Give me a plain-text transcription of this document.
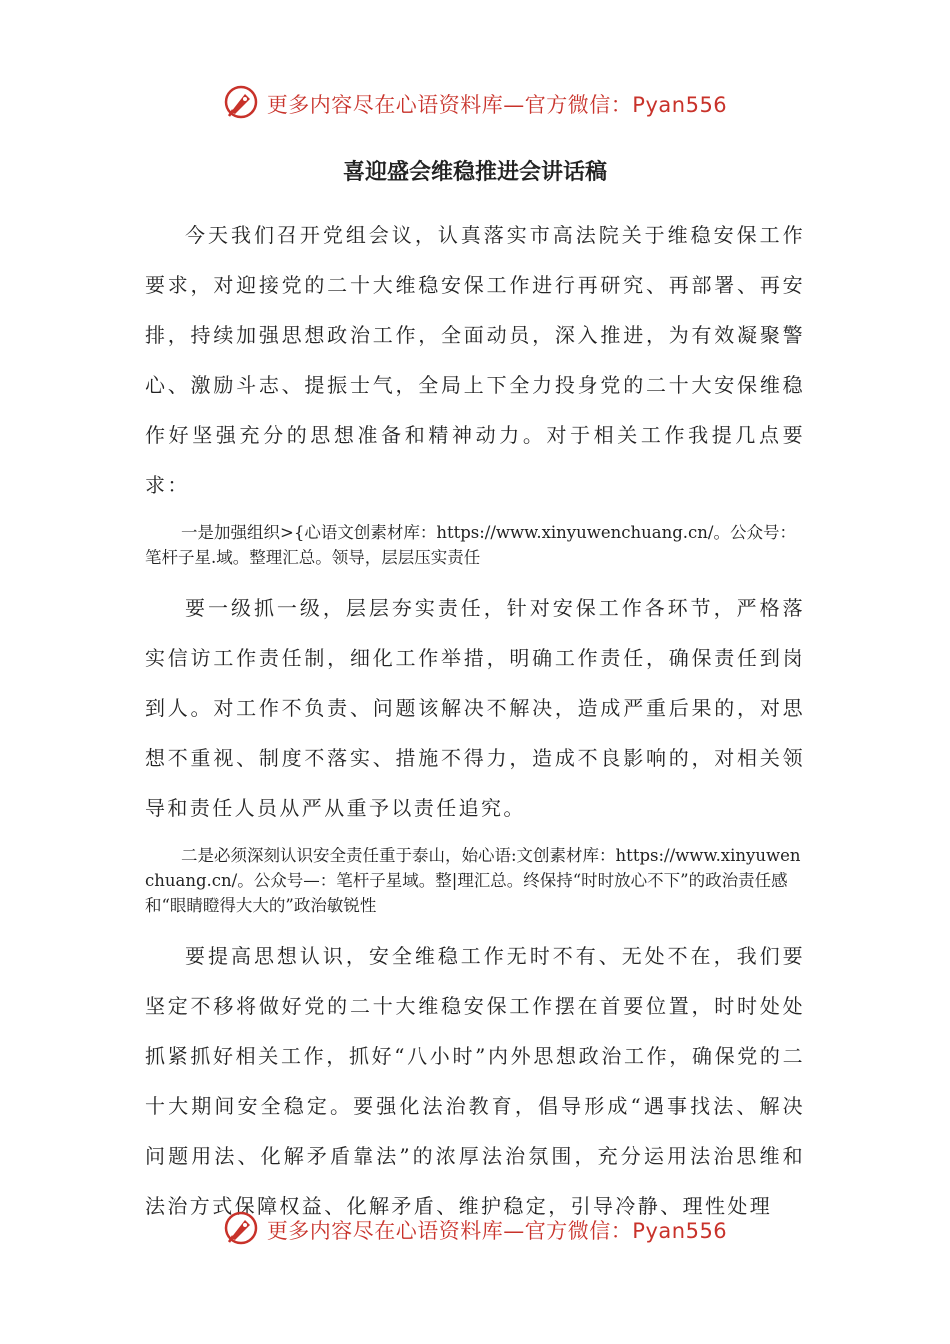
更多内容尽在心语资料库—官方微信：Pyan556
喜迎盛会维稳推进会讲话稿

今天我们召开党组会议，认真落实市高法院关于维稳安保工作要求，对迎接党的二十大维稳安保工作进行再研究、再部署、再安排，持续加强思想政治工作，全面动员，深入推进，为有效凝聚警心、激励斗志、提振士气，全局上下全力投身党的二十大安保维稳作好坚强充分的思想准备和精神动力。对于相关工作我提几点要求：

一是加强组织>{心语文创素材库：https://www.xinyuwenchuang.cn/。公众号：笔杆子星.域。整理汇总。领导，层层压实责任

要一级抓一级，层层夯实责任，针对安保工作各环节，严格落实信访工作责任制，细化工作举措，明确工作责任，确保责任到岗到人。对工作不负责、问题该解决不解决，造成严重后果的，对思想不重视、制度不落实、措施不得力，造成不良影响的，对相关领导和责任人员从严从重予以责任追究。

二是必须深刻认识安全责任重于泰山，始心语:文创素材库：https://www.xinyuwenchuang.cn/。公众号—：笔杆子星域。整|理汇总。终保持“时时放心不下”的政治责任感和“眼睛瞪得大大的”政治敏锐性

要提高思想认识，安全维稳工作无时不有、无处不在，我们要坚定不移将做好党的二十大维稳安保工作摆在首要位置，时时处处抓紧抓好相关工作，抓好“八小时”内外思想政治工作，确保党的二十大期间安全稳定。要强化法治教育，倡导形成“遇事找法、解决问题用法、化解矛盾靠法”的浓厚法治氛围，充分运用法治思维和法治方式保障权益、化解矛盾、维护稳定，引导冷静、理性处理

更多内容尽在心语资料库—官方微信：Pyan556
